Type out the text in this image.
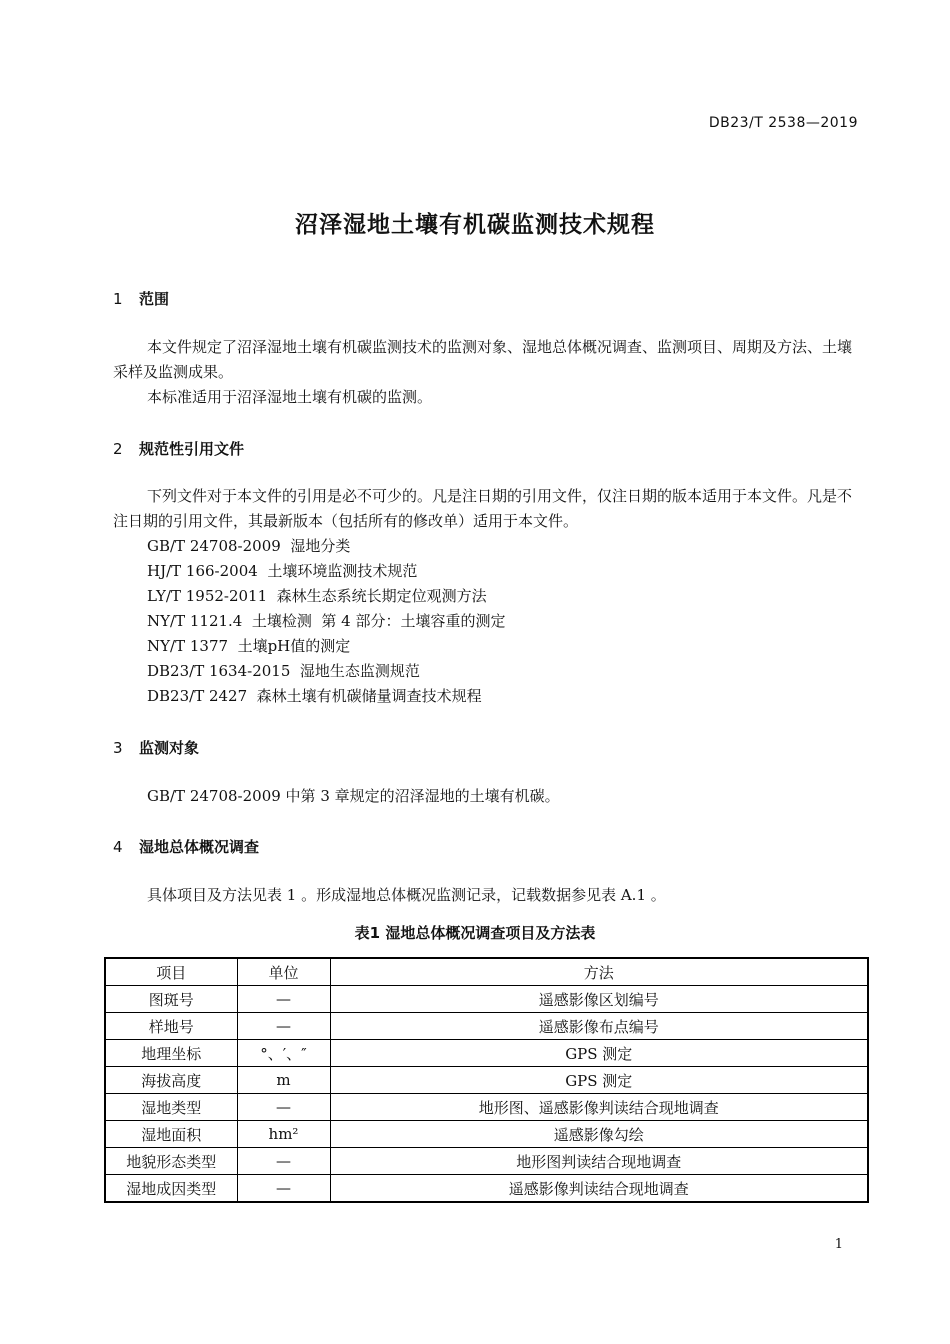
DB23/T 2538—2019
沼泽湿地土壤有机碳监测技术规程
1 范围

本文件规定了沼泽湿地土壤有机碳监测技术的监测对象、湿地总体概况调查、监测项目、周期及方法、土壤采样及监测成果。

本标准适用于沼泽湿地土壤有机碳的监测。

2 规范性引用文件

下列文件对于本文件的引用是必不可少的。凡是注日期的引用文件，仅注日期的版本适用于本文件。凡是不注日期的引用文件，其最新版本（包括所有的修改单）适用于本文件。

GB/T 24708-2009  湿地分类
HJ/T 166-2004  土壤环境监测技术规范
LY/T 1952-2011  森林生态系统长期定位观测方法
NY/T 1121.4  土壤检测  第 4 部分：土壤容重的测定
NY/T 1377  土壤pH值的测定
DB23/T 1634-2015  湿地生态监测规范
DB23/T 2427  森林土壤有机碳储量调查技术规程
3 监测对象
GB/T 24708-2009 中第 3 章规定的沼泽湿地的土壤有机碳。
4 湿地总体概况调查
具体项目及方法见表 1 。形成湿地总体概况监测记录，记载数据参见表 A.1 。
表1 湿地总体概况调查项目及方法表
项目	单位	方法
图斑号	—	遥感影像区划编号
样地号	—	遥感影像布点编号
地理坐标	°、′、″	GPS 测定
海拔高度	m	GPS 测定
湿地类型	—	地形图、遥感影像判读结合现地调查
湿地面积	hm²	遥感影像勾绘
地貌形态类型	—	地形图判读结合现地调查
湿地成因类型	—	遥感影像判读结合现地调查
1
